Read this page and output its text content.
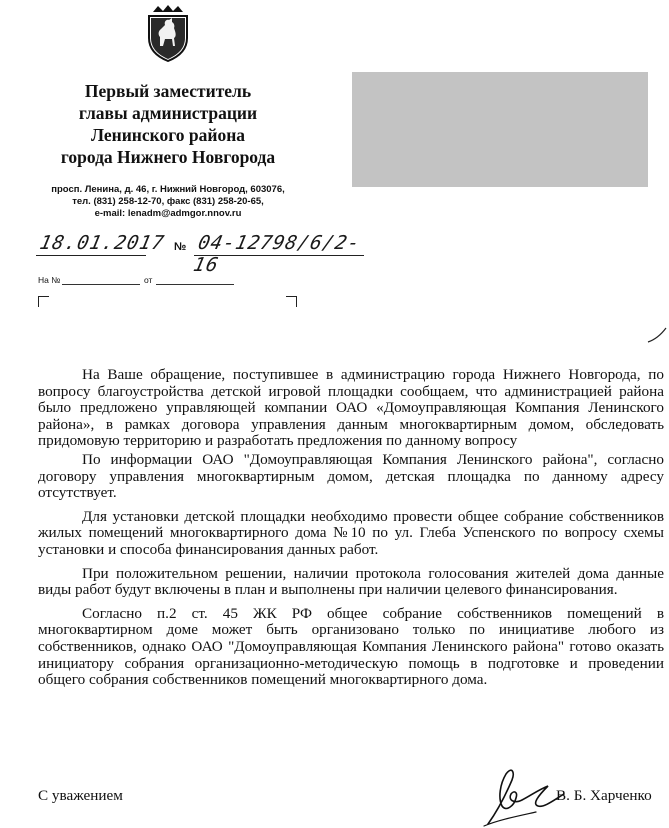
Первый заместитель
главы администрации
Ленинского района
города Нижнего Новгорода
просп. Ленина, д. 46, г. Нижний Новгород, 603076,
тел. (831) 258-12-70, факс (831) 258-20-65,
e-mail: lenadm@admgor.nnov.ru
18.01.2017 № 04-12798/6/2-16
На №	от

На Ваше обращение, поступившее в администрацию города Нижнего Новгорода, по вопросу благоустройства детской игровой площадки сообщаем, что администрацией района было предложено управляющей компании ОАО «Домоуправляющая Компания Ленинского района», в рамках договора управления данным многоквартирным домом, обследовать придомовую территорию и разработать предложения по данному вопросу

По информации ОАО "Домоуправляющая Компания Ленинского района", согласно договору управления многоквартирным домом, детская площадка по данному адресу отсутствует.

Для установки детской площадки необходимо провести общее собрание собственников жилых помещений многоквартирного дома №10 по ул. Глеба Успенского по вопросу схемы установки и способа финансирования данных работ.

При положительном решении, наличии протокола голосования жителей дома данные виды работ будут включены в план и выполнены при наличии целевого финансирования.

Согласно п.2 ст. 45 ЖК РФ общее собрание собственников помещений в многоквартирном доме может быть организовано только по инициативе любого из собственников, однако ОАО "Домоуправляющая Компания Ленинского района" готово оказать инициатору собрания организационно-методическую помощь в подготовке и проведении общего собрания собственников помещений многоквартирного дома.

С уважением	В. Б. Харченко
